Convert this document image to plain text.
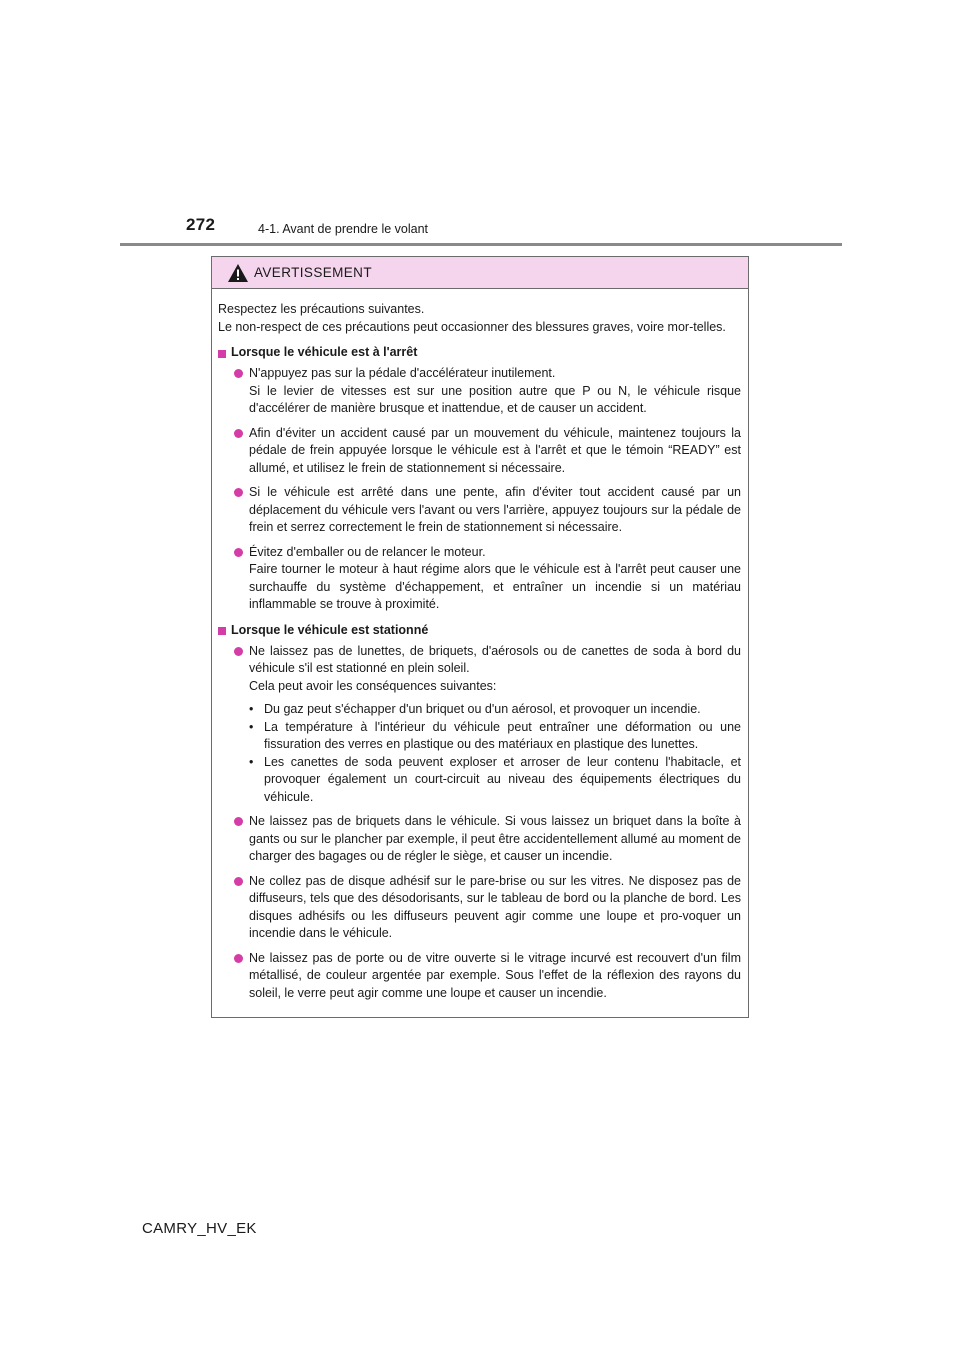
272	4-1. Avant de prendre le volant
AVERTISSEMENT

Respectez les précautions suivantes.

Le non-respect de ces précautions peut occasionner des blessures graves, voire mor-telles.

Lorsque le véhicule est à l'arrêt

N'appuyez pas sur la pédale d'accélérateur inutilement.

Si le levier de vitesses est sur une position autre que P ou N, le véhicule risque d'accélérer de manière brusque et inattendue, et de causer un accident.

Afin d'éviter un accident causé par un mouvement du véhicule, maintenez toujours la pédale de frein appuyée lorsque le véhicule est à l'arrêt et que le témoin “READY” est allumé, et utilisez le frein de stationnement si nécessaire.

Si le véhicule est arrêté dans une pente, afin d'éviter tout accident causé par un déplacement du véhicule vers l'avant ou vers l'arrière, appuyez toujours sur la pédale de frein et serrez correctement le frein de stationnement si nécessaire.

Évitez d'emballer ou de relancer le moteur.

Faire tourner le moteur à haut régime alors que le véhicule est à l'arrêt peut causer une surchauffe du système d'échappement, et entraîner un incendie si un matériau inflammable se trouve à proximité.

Lorsque le véhicule est stationné

Ne laissez pas de lunettes, de briquets, d'aérosols ou de canettes de soda à bord du véhicule s'il est stationné en plein soleil.

Cela peut avoir les conséquences suivantes:

• Du gaz peut s'échapper d'un briquet ou d'un aérosol, et provoquer un incendie.
• La température à l'intérieur du véhicule peut entraîner une déformation ou une fissuration des verres en plastique ou des matériaux en plastique des lunettes.
• Les canettes de soda peuvent exploser et arroser de leur contenu l'habitacle, et provoquer également un court-circuit au niveau des équipements électriques du véhicule.

Ne laissez pas de briquets dans le véhicule. Si vous laissez un briquet dans la boîte à gants ou sur le plancher par exemple, il peut être accidentellement allumé au moment de charger des bagages ou de régler le siège, et causer un incendie.

Ne collez pas de disque adhésif sur le pare-brise ou sur les vitres. Ne disposez pas de diffuseurs, tels que des désodorisants, sur le tableau de bord ou la planche de bord. Les disques adhésifs ou les diffuseurs peuvent agir comme une loupe et pro-voquer un incendie dans le véhicule.

Ne laissez pas de porte ou de vitre ouverte si le vitrage incurvé est recouvert d'un film métallisé, de couleur argentée par exemple. Sous l'effet de la réflexion des rayons du soleil, le verre peut agir comme une loupe et causer un incendie.

CAMRY_HV_EK
